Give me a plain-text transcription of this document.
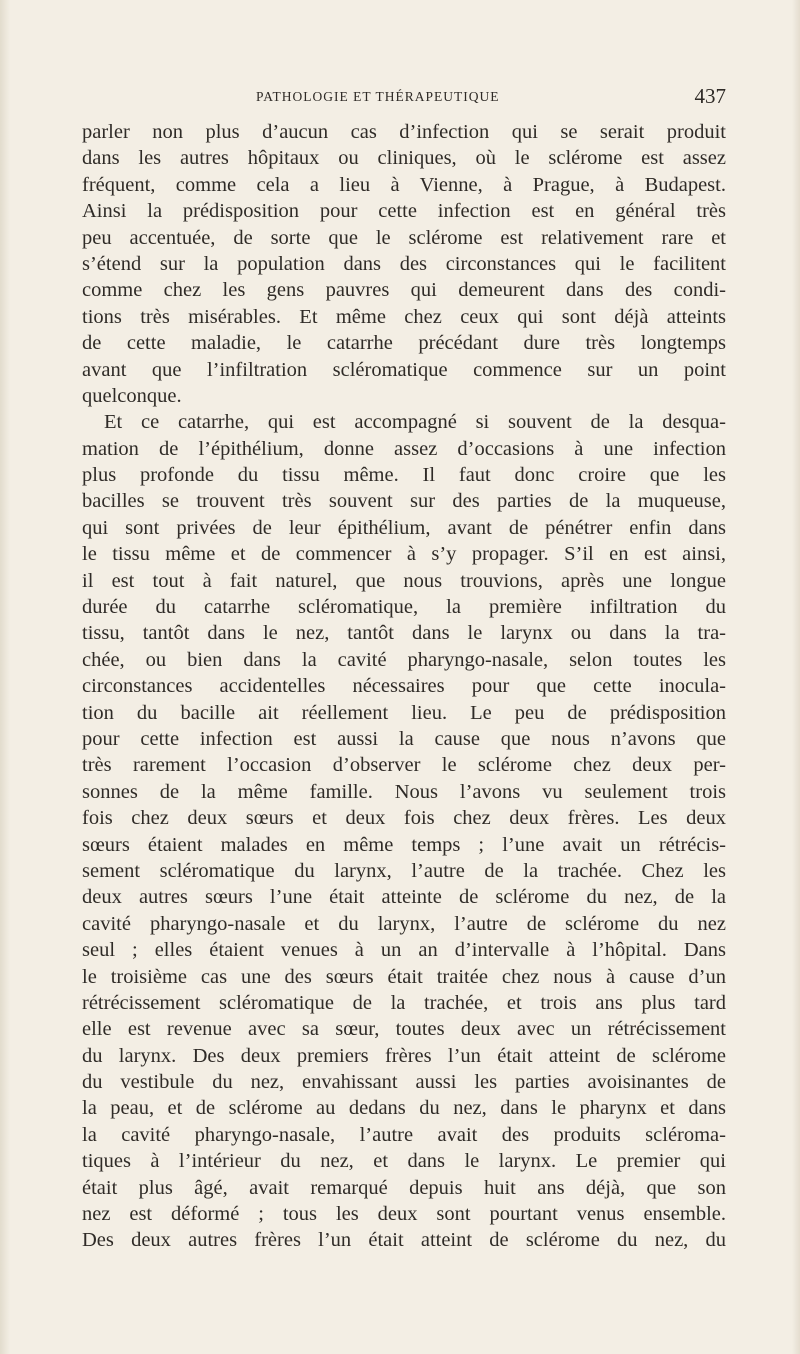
PATHOLOGIE ET THÉRAPEUTIQUE	437
parler non plus d’aucun cas d’infection qui se serait produit
dans les autres hôpitaux ou cliniques, où le sclérome est assez
fréquent, comme cela a lieu à Vienne, à Prague, à Budapest.
Ainsi la prédisposition pour cette infection est en général très
peu accentuée, de sorte que le sclérome est relativement rare et
s’étend sur la population dans des circonstances qui le facilitent
comme chez les gens pauvres qui demeurent dans des condi-
tions très misérables. Et même chez ceux qui sont déjà atteints
de cette maladie, le catarrhe précédant dure très longtemps
avant que l’infiltration scléromatique commence sur un point
quelconque.
Et ce catarrhe, qui est accompagné si souvent de la desqua-
mation de l’épithélium, donne assez d’occasions à une infection
plus profonde du tissu même. Il faut donc croire que les
bacilles se trouvent très souvent sur des parties de la muqueuse,
qui sont privées de leur épithélium, avant de pénétrer enfin dans
le tissu même et de commencer à s’y propager. S’il en est ainsi,
il est tout à fait naturel, que nous trouvions, après une longue
durée du catarrhe scléromatique, la première infiltration du
tissu, tantôt dans le nez, tantôt dans le larynx ou dans la tra-
chée, ou bien dans la cavité pharyngo-nasale, selon toutes les
circonstances accidentelles nécessaires pour que cette inocula-
tion du bacille ait réellement lieu. Le peu de prédisposition
pour cette infection est aussi la cause que nous n’avons que
très rarement l’occasion d’observer le sclérome chez deux per-
sonnes de la même famille. Nous l’avons vu seulement trois
fois chez deux sœurs et deux fois chez deux frères. Les deux
sœurs étaient malades en même temps ; l’une avait un rétrécis-
sement scléromatique du larynx, l’autre de la trachée. Chez les
deux autres sœurs l’une était atteinte de sclérome du nez, de la
cavité pharyngo-nasale et du larynx, l’autre de sclérome du nez
seul ; elles étaient venues à un an d’intervalle à l’hôpital. Dans
le troisième cas une des sœurs était traitée chez nous à cause d’un
rétrécissement scléromatique de la trachée, et trois ans plus tard
elle est revenue avec sa sœur, toutes deux avec un rétrécissement
du larynx. Des deux premiers frères l’un était atteint de sclérome
du vestibule du nez, envahissant aussi les parties avoisinantes de
la peau, et de sclérome au dedans du nez, dans le pharynx et dans
la cavité pharyngo-nasale, l’autre avait des produits scléroma-
tiques à l’intérieur du nez, et dans le larynx. Le premier qui
était plus âgé, avait remarqué depuis huit ans déjà, que son
nez est déformé ; tous les deux sont pourtant venus ensemble.
Des deux autres frères l’un était atteint de sclérome du nez, du
